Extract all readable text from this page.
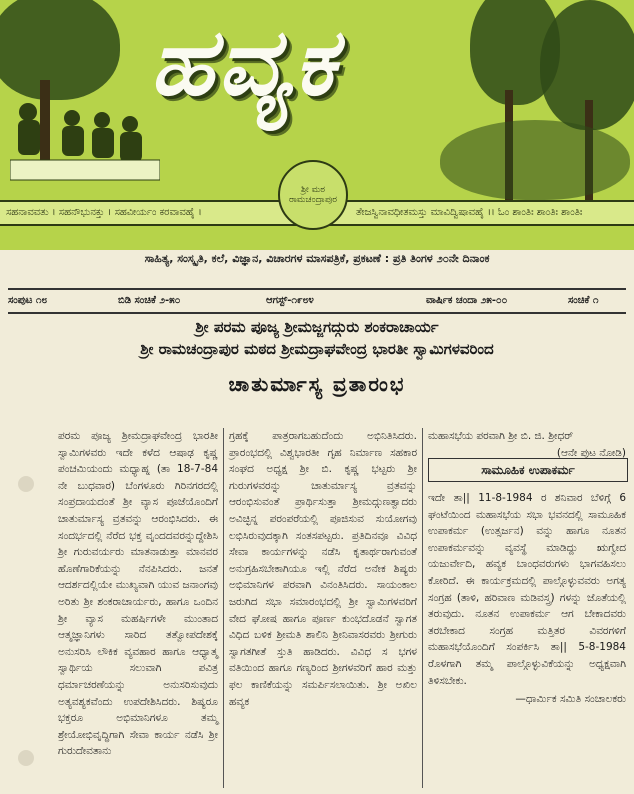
ಹವ್ಯಕ
ಸಹನಾವವತು । ಸಹನೌಭುನಕ್ತು । ಸಹವೀರ್ಯಂ ಕರವಾವಹೈ ।	ತೇಜಸ್ವಿನಾವಧೀತಮಸ್ತು ಮಾವಿದ್ವಿಷಾವಹೈ ।। ಓಂ ಶಾಂತಿಃ ಶಾಂತಿಃ ಶಾಂತಿಃ
ಶ್ರೀ ಮಠ ರಾಮಚಂದ್ರಾಪುರ
ಸಾಹಿತ್ಯ, ಸಂಸ್ಕೃತಿ, ಕಲೆ, ವಿಜ್ಞಾನ, ವಿಚಾರಗಳ ಮಾಸಪತ್ರಿಕೆ, ಪ್ರಕಟಣೆ : ಪ್ರತಿ ತಿಂಗಳ ೨೦ನೇ ದಿನಾಂಕ
ಸಂಪುಟ ೧೮	ಬಿಡಿ ಸಂಚಿಕೆ ೨-೫೦	ಆಗಸ್ಟ್-೧೯೮೪	ವಾರ್ಷಿಕ ಚಂದಾ ೨೫-೦೦	ಸಂಚಿಕೆ ೧
ಶ್ರೀ ಪರಮ ಪೂಜ್ಯ ಶ್ರೀಮಜ್ಜಗದ್ಗುರು ಶಂಕರಾಚಾರ್ಯ
ಶ್ರೀ ರಾಮಚಂದ್ರಾಪುರ ಮಠದ ಶ್ರೀಮದ್ರಾಘವೇಂದ್ರ ಭಾರತೀ ಸ್ವಾಮಿಗಳವರಿಂದ
ಚಾತುರ್ಮಾಸ್ಯ ವ್ರತಾರಂಭ

ಪರಮ ಪೂಜ್ಯ ಶ್ರೀಮದ್ರಾಘವೇಂದ್ರ ಭಾರತೀ ಸ್ವಾಮಿಗಳವರು ಇದೇ ಕಳೆದ ಆಷಾಢ ಕೃಷ್ಣ ಪಂಚಮಿಯಂದು ಮಧ್ಯಾಹ್ನ (ತಾ 18-7-84 ನೇ ಬುಧವಾರ) ಬೆಂಗಳೂರು ಗಿರಿನಗರದಲ್ಲಿ ಸಂಪ್ರದಾಯದಂತೆ ಶ್ರೀ ವ್ಯಾಸ ಪೂಜೆಯೊಂದಿಗೆ ಚಾತುರ್ಮಾಸ್ಯ ವ್ರತವನ್ನು ಆರಂಭಿಸಿದರು. ಈ ಸಂದರ್ಭದಲ್ಲಿ ನೆರೆದ ಭಕ್ತ ವೃಂದದವರನ್ನುದ್ದೇಶಿಸಿ ಶ್ರೀ ಗುರುವರ್ಯರು ಮಾತನಾಡುತ್ತಾ ಮಾನವರ ಹೊಣೆಗಾರಿಕೆಯನ್ನು ನೆನಪಿಸಿದರು. ಜನತೆ ಆದರ್ಶದಲ್ಲಿಯೇ ಮುಖ್ಯವಾಗಿ ಯುವ ಜನಾಂಗವು ಅರಿತು ಶ್ರೀ ಶಂಕರಾಚಾರ್ಯರು, ಹಾಗೂ ಒಂದಿನ ಶ್ರೀ ವ್ಯಾಸ ಮಹರ್ಷಿಗಳೇ ಮುಂತಾದ ಆತ್ಮಜ್ಞಾನಿಗಳು ಸಾರಿದ ತತ್ವೋಪದೇಶಕ್ಕೆ ಅನುಸರಿಸಿ ಲೌಕಿಕ ವ್ಯವಹಾರ ಹಾಗೂ ಆಧ್ಯಾತ್ಮ ಸ್ವಾರ್ಥಿಯ ಸಲುವಾಗಿ ಪವಿತ್ರ ಧರ್ಮಾಚರಣೆಯನ್ನು ಅನುಸರಿಸುವುದು ಅತ್ಯವಶ್ಯಕವೆಂದು ಉಪದೇಶಿಸಿದರು. ಶಿಷ್ಯರೂ ಭಕ್ತರೂ ಅಭಿಮಾನಿಗಳೂ ತಮ್ಮ ಶ್ರೇಯೋಭಿವೃದ್ಧಿಗಾಗಿ ಸೇವಾ ಕಾರ್ಯ ನಡೆಸಿ ಶ್ರೀ ಗುರುದೇವತಾನು

ಗ್ರಹಕ್ಕೆ ಪಾತ್ರರಾಗಬಹುದೆಂದು ಅಭಿನಿತಿಸಿದರು. ಪ್ರಾರಂಭದಲ್ಲಿ ವಿಶ್ವಭಾರತೀ ಗೃಹ ನಿರ್ಮಾಣ ಸಹಕಾರ ಸಂಘದ ಅಧ್ಯಕ್ಷ ಶ್ರೀ ಬಿ. ಕೃಷ್ಣ ಭಟ್ಟರು ಶ್ರೀ ಗುರುಗಳವರನ್ನು ಚಾತುರ್ಮಾಸ್ಯ ವ್ರತವನ್ನು ಆರಂಭಿಸುವಂತೆ ಪ್ರಾರ್ಥಿಸುತ್ತಾ ಶ್ರೀಮದ್ಗುಣತ್ವಾದರು ಅವಿಚ್ಛಿನ್ನ ಪರಂಪರೆಯಲ್ಲಿ ಪೂಜಿಸುವ ಸುಯೋಗವು ಲಭಿಸಿರುವುದಕ್ಕಾಗಿ ಸಂತಸಪಟ್ಟರು. ಪ್ರತಿದಿನವೂ ವಿವಿಧ ಸೇವಾ ಕಾರ್ಯಗಳನ್ನು ನಡೆಸಿ ಕೃತಾರ್ಥರಾಗುವಂತೆ ಅನುಗ್ರಹಿಸಬೇಕಾಗಿಯೂ ಇಲ್ಲಿ ನೆರೆದ ಅನೇಕ ಶಿಷ್ಯರು ಅಭಿಮಾನಿಗಳ ಪರವಾಗಿ ವಿನಂತಿಸಿದರು. ಸಾಯಂಕಾಲ ಜರುಗಿದ ಸಭಾ ಸಮಾರಂಭದಲ್ಲಿ ಶ್ರೀ ಸ್ವಾಮಿಗಳವರಿಗೆ ವೇದ ಘೋಷ ಹಾಗೂ ಪೂರ್ಣ ಕುಂಭದೊಡನೆ ಸ್ವಾಗತ ವಿಧಿದ ಬಳಿಕ ಶ್ರೀಮತಿ ಶಾಲಿನಿ ಶ್ರೀನಿವಾಸರವರು ಶ್ರೀಗುರು ಸ್ವಾಗತಗೀತೆ ಸ್ತುತಿ ಹಾಡಿದರು. ವಿವಿಧ ಸ ಭಗಳ ವತಿಯಿಂದ ಹಾಗೂ ಗಣ್ಯರಿಂದ ಶ್ರೀಗಳವರಿಗೆ ಹಾರ ಮತ್ತು ಫಲ ಕಾಣಿಕೆಯನ್ನು ಸಮರ್ಪಿಸಲಾಯಿತು. ಶ್ರೀ ಅಖಿಲ ಹವ್ಯಕ

ಮಹಾಸಭೆಯ ಪರವಾಗಿ ಶ್ರೀ ಬಿ. ಜಿ. ಶ್ರೀಧರ್

(ಆನೇ ಪುಟ ನೋಡಿ)

ಸಾಮೂಹಿಕ ಉಪಾಕರ್ಮ

ಇದೇ ತಾ|| 11-8-1984 ರ ಶನಿವಾರ ಬೆಳಿಗ್ಗೆ 6 ಘಂಟೆಯಿಂದ ಮಹಾಸಭೆಯ ಸಭಾ ಭವನದಲ್ಲಿ ಸಾಮೂಹಿಕ ಉಪಾಕರ್ಮ (ಉತ್ಸರ್ಜನ) ವನ್ನು ಹಾಗೂ ನೂತನ ಉಪಾಕರ್ಮವನ್ನು ವ್ಯವಸ್ಥೆ ಮಾಡಿದ್ದು ಋಗ್ವೇದ ಯಜುರ್ವೇದಿ, ಹವ್ಯಕ ಬಾಂಧವರುಗಳು ಭಾಗವಹಿಸಲು ಕೋರಿದೆ. ಈ ಕಾರ್ಯಕ್ರಮದಲ್ಲಿ ಪಾಲ್ಗೊಳ್ಳುವವರು ಅಗತ್ಯ ಸಂಗ್ರಹ (ತಾಳಿ, ಹರಿವಾಣ ಮಡಿವಸ್ತ್ರ) ಗಳನ್ನು ಜೊತೆಯಲ್ಲಿ ತರುವುದು. ನೂತನ ಉಪಾಕರ್ಮ ಆಗ ಬೇಕಾದವರು ತರಬೇಕಾದ ಸಂಗ್ರಹ ಮತ್ತಿತರ ವಿವರಗಳಿಗೆ ಮಹಾಸಭೆಯೊಂದಿಗೆ ಸಂಪರ್ಕಿಸಿ ತಾ|| 5-8-1984 ರೊಳಗಾಗಿ ತಮ್ಮ ಪಾಲ್ಗೊಳ್ಳುವಿಕೆಯನ್ನು ಅಧ್ಯಕ್ಷವಾಗಿ ತಿಳಿಸಬೇಕು.

—ಧಾರ್ಮಿಕ ಸಮಿತಿ ಸಂಚಾಲಕರು
